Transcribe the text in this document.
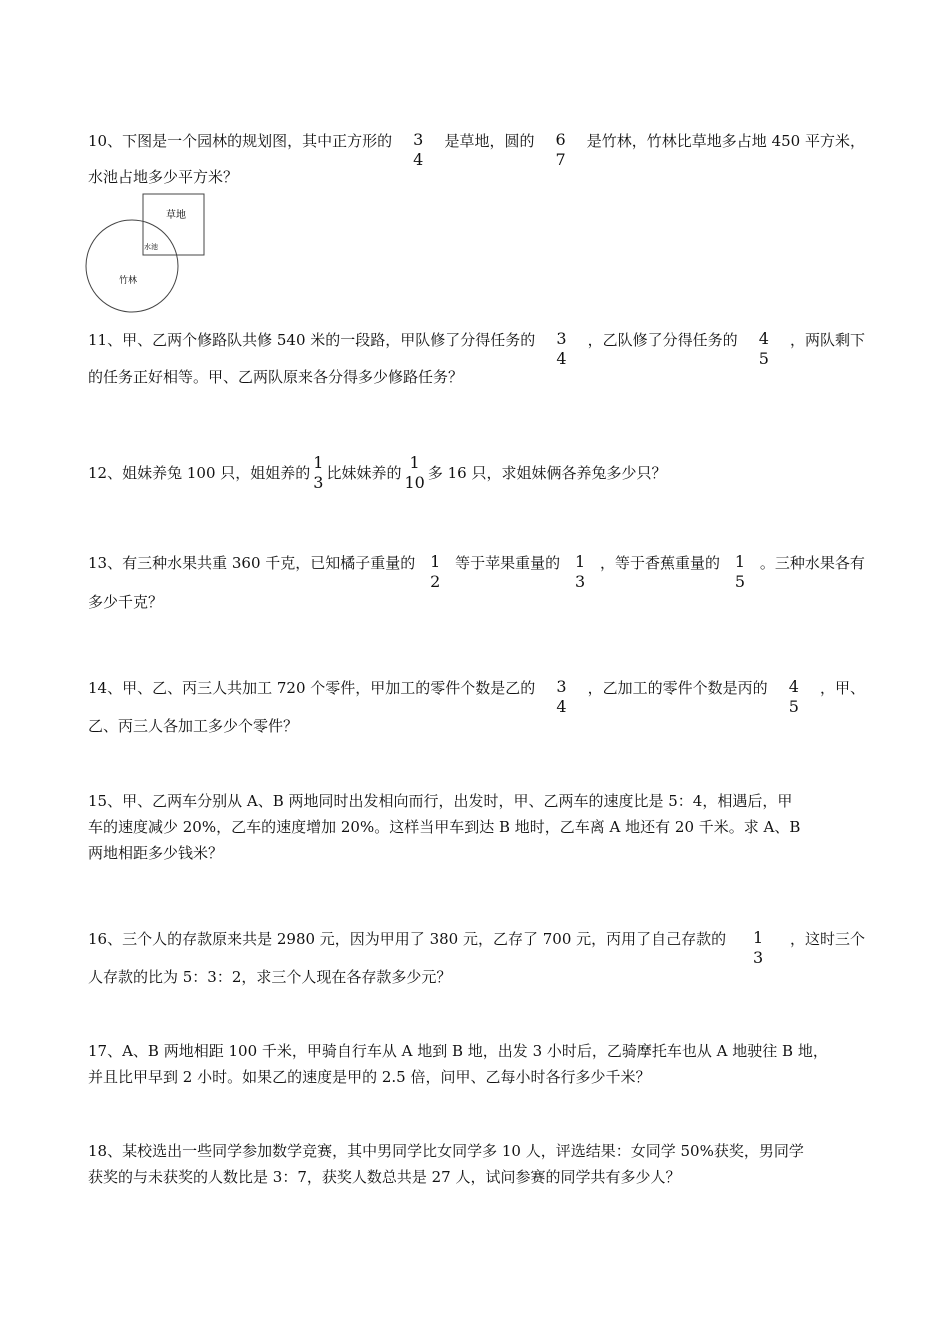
10、下图是一个园林的规划图，其中正方形的 3
4
是草地，圆的 6
7
是竹林，竹林比草地多占地 450 平方米，
水池占地多少平方米？
草地
水池
竹林
11、甲、乙两个修路队共修 540 米的一段路，甲队修了分得任务的 3
4
，乙队修了分得任务的 4
5
，两队剩下
的任务正好相等。甲、乙两队原来各分得多少修路任务？
12、姐妹养兔 100 只，姐姐养的
1
3 比妹妹养的
1
10 多 16 只，求姐妹俩各养兔多少只？
13、有三种水果共重 360 千克，已知橘子重量的 1
2
等于苹果重量的 1
3
，等于香蕉重量的 1
5
。三种水果各有
多少千克？
14、甲、乙、丙三人共加工 720 个零件，甲加工的零件个数是乙的 3
4
，乙加工的零件个数是丙的 4
5
，甲、
乙、丙三人各加工多少个零件？
15、甲、乙两车分别从 A、B 两地同时出发相向而行，出发时，甲、乙两车的速度比是 5：4，相遇后，甲
车的速度减少 20%，乙车的速度增加 20%。这样当甲车到达 B 地时，乙车离 A 地还有 20 千米。求 A、B
两地相距多少钱米？
16、三个人的存款原来共是 2980 元，因为甲用了 380 元，乙存了 700 元，丙用了自己存款的 1
3
，这时三个
人存款的比为 5：3：2，求三个人现在各存款多少元？
17、A、B 两地相距 100 千米，甲骑自行车从 A 地到 B 地，出发 3 小时后，乙骑摩托车也从 A 地驶往 B 地，
并且比甲早到 2 小时。如果乙的速度是甲的 2.5 倍，问甲、乙每小时各行多少千米？
18、某校选出一些同学参加数学竞赛，其中男同学比女同学多 10 人，评选结果：女同学 50%获奖，男同学
获奖的与未获奖的人数比是 3：7，获奖人数总共是 27 人，试问参赛的同学共有多少人？
